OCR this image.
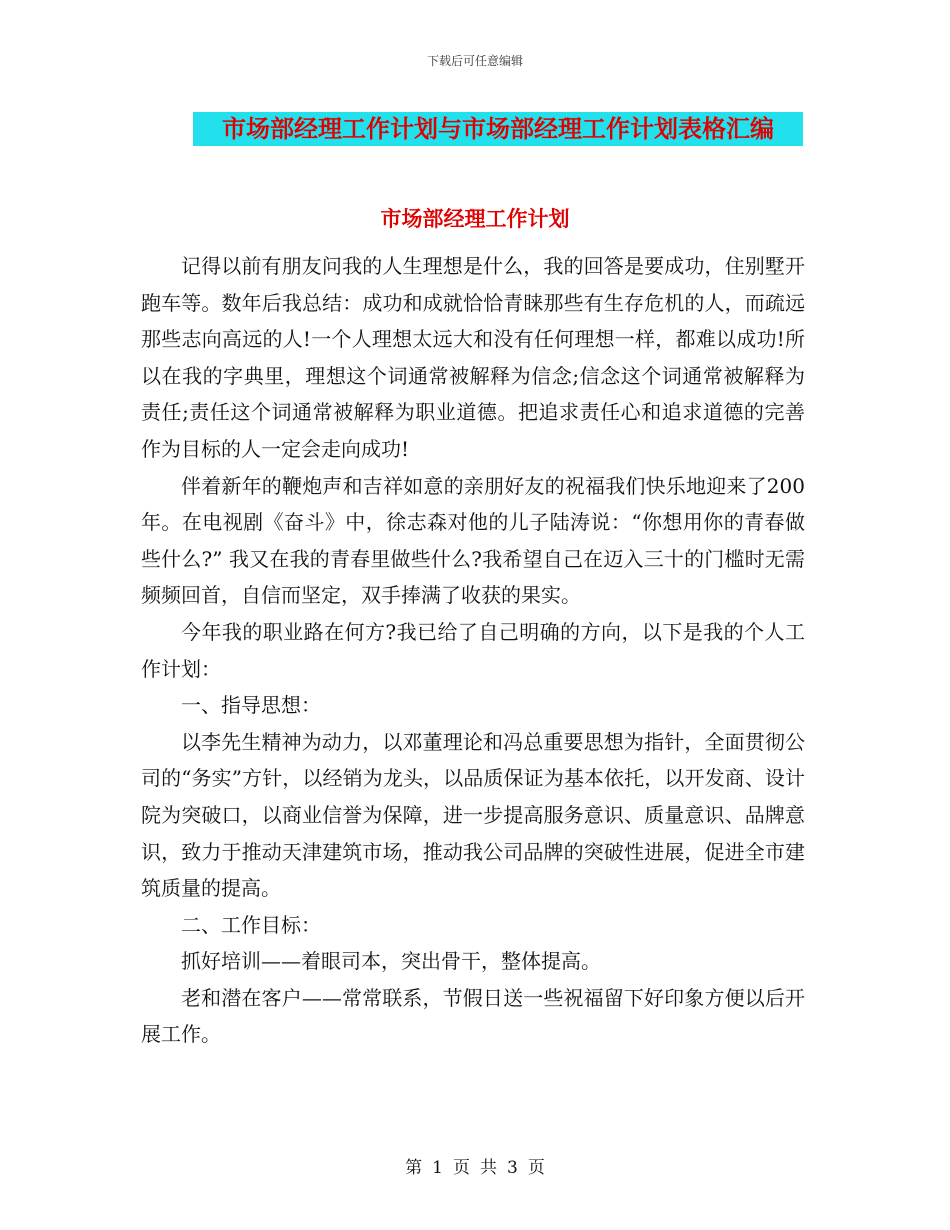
下载后可任意编辑
市场部经理工作计划与市场部经理工作计划表格汇编
市场部经理工作计划

记得以前有朋友问我的人生理想是什么，我的回答是要成功，住别墅开跑车等。数年后我总结：成功和成就恰恰青睐那些有生存危机的人，而疏远那些志向高远的人!一个人理想太远大和没有任何理想一样，都难以成功!所以在我的字典里，理想这个词通常被解释为信念;信念这个词通常被解释为责任;责任这个词通常被解释为职业道德。把追求责任心和追求道德的完善作为目标的人一定会走向成功!

伴着新年的鞭炮声和吉祥如意的亲朋好友的祝福我们快乐地迎来了200年。在电视剧《奋斗》中，徐志森对他的儿子陆涛说：“你想用你的青春做些什么?” 我又在我的青春里做些什么?我希望自己在迈入三十的门槛时无需频频回首，自信而坚定，双手捧满了收获的果实。

今年我的职业路在何方?我已给了自己明确的方向，以下是我的个人工作计划：

一、指导思想：

以李先生精神为动力，以邓董理论和冯总重要思想为指针，全面贯彻公司的“务实”方针，以经销为龙头，以品质保证为基本依托，以开发商、设计院为突破口，以商业信誉为保障，进一步提高服务意识、质量意识、品牌意识，致力于推动天津建筑市场，推动我公司品牌的突破性进展，促进全市建筑质量的提高。

二、工作目标：

抓好培训——着眼司本，突出骨干，整体提高。

老和潜在客户——常常联系，节假日送一些祝福留下好印象方便以后开展工作。

第 1 页 共 3 页
